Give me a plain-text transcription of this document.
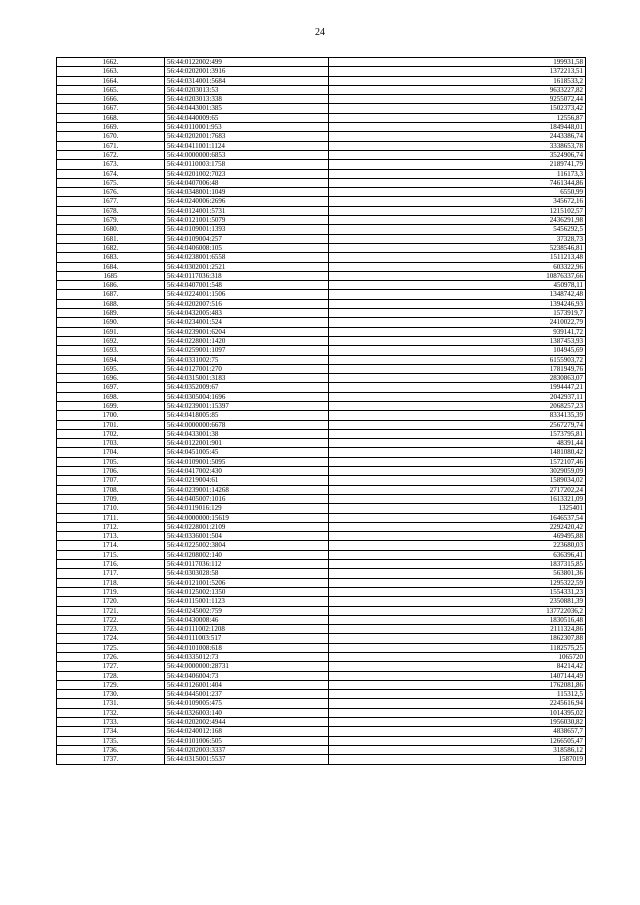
24
1662.	56:44:0122002:499	199931,58
1663.	56:44:0202001:3916	1372213,51
1664.	56:44:0314001:5684	1618533,2
1665.	56:44:0203013:53	9633227,82
1666.	56:44:0203013:338	9255072,44
1667.	56:44:0443001:385	1502373,42
1668.	56:44:0440009:65	12556,87
1669.	56:44:0110001:953	1849448,01
1670.	56:44:0202001:7683	2443386,74
1671.	56:44:0411001:1124	3338653,78
1672.	56:44:0000000:6853	3524906,74
1673.	56:44:0110003:1758	2189741,79
1674.	56:44:0201002:7023	116173,3
1675.	56:44:0407006:48	7461344,86
1676.	56:44:0348001:1049	6550,99
1677.	56:44:0240006:2696	345672,16
1678.	56:44:0124001:5731	1215102,57
1679.	56:44:0121001:5079	2436291,98
1680.	56:44:0109001:1393	5456292,5
1681.	56:44:0109004:257	37328,73
1682.	56:44:0406008:105	5238546,81
1683.	56:44:0238001:6558	1511213,48
1684.	56:44:0302001:2521	603322,96
1685	56:44:0117036:318	10876337,66
1686.	56:44:0407001:548	450978,11
1687.	56:44:0224001:1506	1348742,48
1688.	56:44:0202007:516	1394246,93
1689.	56:44:0432005:483	1573919,7
1690.	56:44:0234001:524	2410022,79
1691.	56:44:0239001:6204	939141,72
1692.	56:44:0228001:1420	1387453,93
1693.	56:44:0259001:1097	104945,69
1694.	56:44:0331002:75	6155903,72
1695.	56:44:0127001:270	1781949,76
1696.	56:44:0315001:3183	2830863,07
1697.	56:44:0352009:67	1994447,21
1698.	56:44:0305004:1696	2042937,11
1699.	56:44:0239001:15397	2068257,23
1700.	56:44:0418005:85	8334135,39
1701.	56:44:0000000:6678	2567279,74
1702.	56:44:0433001:38	1573795,81
1703.	56:44:0122001:901	48391,44
1704.	56:44:0451005:45	1481080,42
1705.	56:44:0109001:5095	1572107,46
1706.	56:44:0417002:430	3029059,09
1707.	56:44:0219004:61	1589034,02
1708.	56:44:0239001:14268	2717202,24
1709.	56:44:0405007:1016	1613321,09
1710.	56:44:0119016:129	1325401
1711.	56:44:0000000:15619	1646537,54
1712.	56:44:0228001:2109	2292420,42
1713.	56:44:0336001:504	469495,88
1714.	56:44:0225002:3804	223680,03
1715.	56:44:0208002:140	636396,41
1716.	56:44:0117036:112	1837315,85
1717.	56:44:0303028:58	563801,36
1718.	56:44:0121001:5206	1295322,59
1719.	56:44:0125002:1350	1554331,23
1720.	56:44:0115001:1123	2350881,39
1721.	56:44:0245002:759	137722036,2
1722.	56:44:0430008:46	1830516,48
1723.	56:44:0111002:1208	2111324,86
1724.	56:44:0111003:517	1862307,88
1725.	56:44:0101008:618	1182575,25
1726.	56:44:0335012:73	1065720
1727.	56:44:0000000:28731	84214,42
1728.	56:44:0406004:73	1407144,49
1729.	56:44:0126001:404	1762081,86
1730.	56:44:0445001:237	115312,5
1731.	56:44:0109005:475	2245616,94
1732.	56:44:0326003:140	1014395,02
1733.	56:44:0202002:4944	1956030,82
1734.	56:44:0240012:168	4838657,7
1735.	56:44:0101006:505	1266505,47
1736.	56:44:0202003:3337	318586,12
1737.	56:44:0315001:5537	1587019
